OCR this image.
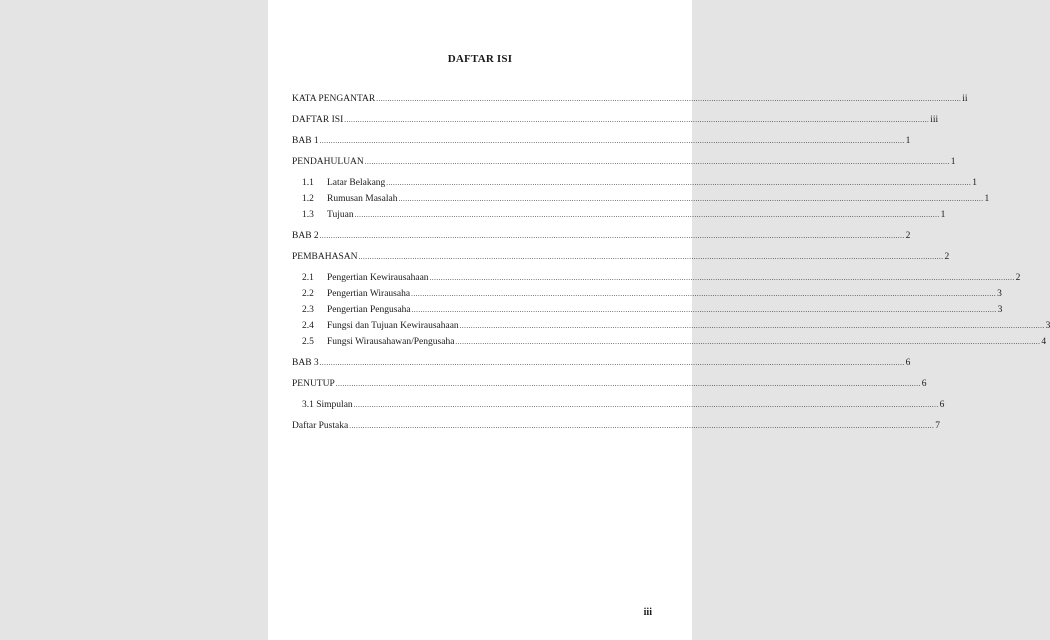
DAFTAR ISI
KATA PENGANTAR .................................................................................................................................................................................................................................................................... ii
DAFTAR ISI .................................................................................................................................................................................................................................................................... iii
BAB 1 .................................................................................................................................................................................................................................................................... 1
PENDAHULUAN .................................................................................................................................................................................................................................................................... 1
1.1	Latar Belakang .................................................................................................................................................................................................................................................................... 1
1.2	Rumusan Masalah .................................................................................................................................................................................................................................................................... 1
1.3	Tujuan .................................................................................................................................................................................................................................................................... 1
BAB 2 .................................................................................................................................................................................................................................................................... 2
PEMBAHASAN .................................................................................................................................................................................................................................................................... 2
2.1	Pengertian Kewirausahaan .................................................................................................................................................................................................................................................................... 2
2.2	Pengertian Wirausaha .................................................................................................................................................................................................................................................................... 3
2.3	Pengertian Pengusaha .................................................................................................................................................................................................................................................................... 3
2.4	Fungsi dan Tujuan Kewirausahaan .................................................................................................................................................................................................................................................................... 3
2.5	Fungsi Wirausahawan/Pengusaha .................................................................................................................................................................................................................................................................... 4
BAB 3 .................................................................................................................................................................................................................................................................... 6
PENUTUP .................................................................................................................................................................................................................................................................... 6
3.1 Simpulan .................................................................................................................................................................................................................................................................... 6
Daftar Pustaka .................................................................................................................................................................................................................................................................... 7
iii
